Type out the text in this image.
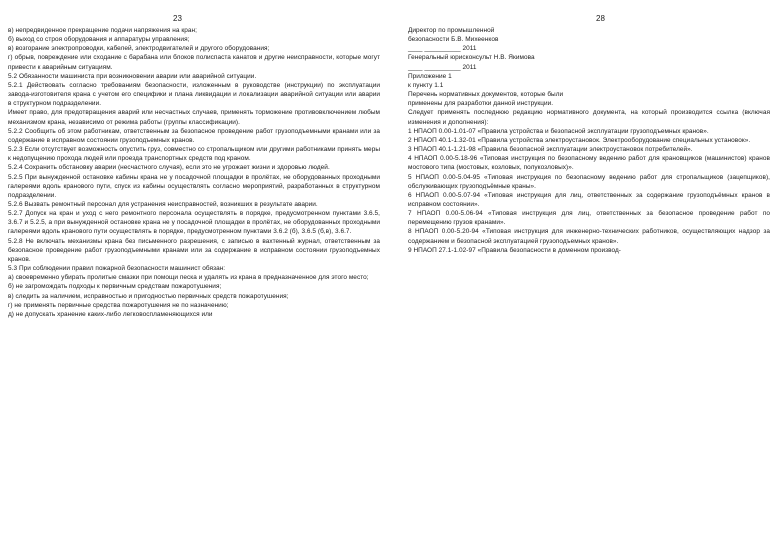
23

в) непредвиденное прекращение подачи напряжения на кран;

б) выход со строя оборудования и аппаратуры управления;

в) возгорание электропроводки, кабелей, электродвигателей и другого оборудования;

г) обрыв, повреждение или сходание с барабана или блоков полиспаста канатов и другие неисправности, которые могут привести к аварийным ситуациям.

5.2 Обязанности машиниста при возникновении аварии или аварийной ситуации.

5.2.1 Действовать согласно требованиям безопасности, изложенным в руководстве (инструкции) по эксплуатации завода-изготовителя крана с учетом его специфики и плана ликвидации и локализации аварийной ситуации или аварии в структурном подразделении.

Имеет право, для предотвращения аварий или несчастных случаев, применять торможение противовключением любым механизмом крана, независимо от режима работы (группы классификации).

5.2.2 Сообщить об этом работникам, ответственным за безопасное проведение работ грузоподъемными кранами или за содержание в исправном состоянии грузоподъемных кранов.

5.2.3 Если отсутствует возможность опустить груз, совместно со стропальщиком или другими работниками принять меры к недопущению прохода людей или проезда транспортных средств под краном.

5.2.4 Сохранить обстановку аварии (несчастного случая), если это не угрожает жизни и здоровью людей.

5.2.5 При вынужденной остановке кабины крана не у посадочной площадки в пролётах, не оборудованных проходными галереями вдоль кранового пути, спуск из кабины осуществлять согласно мероприятий, разработанных в структурном подразделении.

5.2.6 Вызвать ремонтный персонал для устранения неисправностей, возникших в результате аварии.

5.2.7 Допуск на кран и уход с него ремонтного персонала осуществлять в порядке, предусмотренном пунктами 3.6.5, 3.6.7 и 5.2.5, а при вынужденной остановке крана не у посадочной площадки в пролётах, не оборудованных проходными галереями вдоль кранового пути осуществлять в порядке, предусмотренном пунктами 3.6.2 (б), 3.6.5 (б,в), 3.6.7.

5.2.8 Не включать механизмы крана без письменного разрешения, с записью в вахтенный журнал, ответственным за безопасное проведение работ грузоподъемными кранами или за содержание в исправном состоянии грузоподъемных кранов.

5.3 При соблюдении правил пожарной безопасности машинист обязан:

а) своевременно убирать пролитые смазки при помощи песка и удалять из крана в предназначенное для этого место;

б) не загромождать подходы к первичным средствам пожаротушения;

в) следить за наличием, исправностью и пригодностью первичных средств пожаротушения;

г) не применять первичные средства пожаротушения не по назначению;

д) не допускать хранение каких-либо легковоспламеняющихся или

28

Директор по промышленной

безопасности Б.В. Михеенков

____ __________ 2011

Генеральный юрисконсульт Н.В. Якимова

____ __________ 2011

Приложение 1

к пункту 1.1

Перечень нормативных документов, которые были

применены для разработки данной инструкции.

Следует применять последнюю редакцию нормативного документа, на который производится ссылка (включая изменения и дополнения):

1 НПАОП 0.00-1.01-07 «Правила устройства и безопасной эксплуатации грузоподъемных кранов».

2 НПАОП 40.1-1.32-01 «Правила устройства электроустановок. Электрооборудование специальных установок».

3 НПАОП 40.1-1.21-98 «Правила безопасной эксплуатации электроустановок потребителей».

4 НПАОП 0.00-5.18-96 «Типовая инструкция по безопасному ведению работ для крановщиков (машинистов) кранов мостового типа (мостовых, козловых, полукозловых)».

5 НПАОП 0.00-5.04-95 «Типовая инструкция по безопасному ведению работ для стропальщиков (зацепщиков), обслуживающих грузоподъёмные краны».

6 НПАОП 0.00-5.07-94 «Типовая инструкция для лиц, ответственных за содержание грузоподъёмных кранов в исправном состоянии».

7 НПАОП 0.00-5.06-94 «Типовая инструкция для лиц, ответственных за безопасное проведение работ по перемещению грузов кранами».

8 НПАОП 0.00-5.20-94 «Типовая инструкция для инженерно-технических работников, осуществляющих надзор за содержанием и безопасной эксплуатацией грузоподъемных кранов».

9 НПАОП 27.1-1.02-97 «Правила безопасности в доменном производ-
